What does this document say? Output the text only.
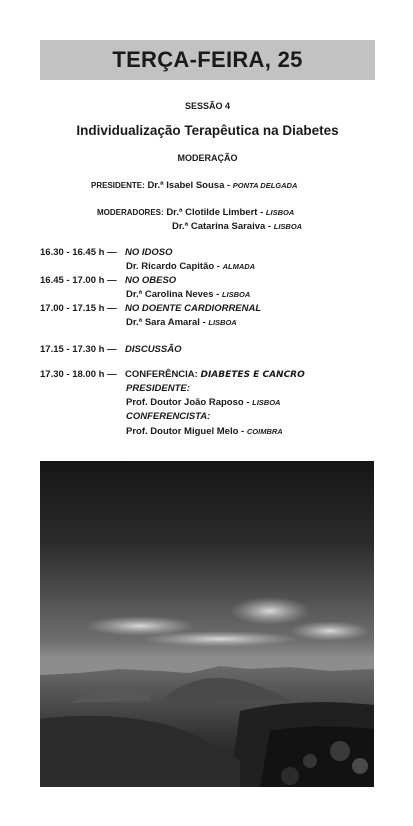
TERÇA-FEIRA, 25
SESSÃO 4
Individualização Terapêutica na Diabetes
MODERAÇÃO
PRESIDENTE: Dr.ª Isabel Sousa - PONTA DELGADA
MODERADORES: Dr.ª Clotilde Limbert - LISBOA
Dr.ª Catarina Saraiva - LISBOA
16.30 - 16.45 h — NO IDOSO
Dr. Ricardo Capitão - ALMADA
16.45 - 17.00 h — NO OBESO
Dr.ª Carolina Neves - LISBOA
17.00 - 17.15 h — NO DOENTE CARDIORRENAL
Dr.ª Sara Amaral - LISBOA
17.15 - 17.30 h — DISCUSSÃO
17.30 - 18.00 h — CONFERÊNCIA: DIABETES E CANCRO
PRESIDENTE:
Prof. Doutor João Raposo - LISBOA
CONFERENCISTA:
Prof. Doutor Miguel Melo - COIMBRA
